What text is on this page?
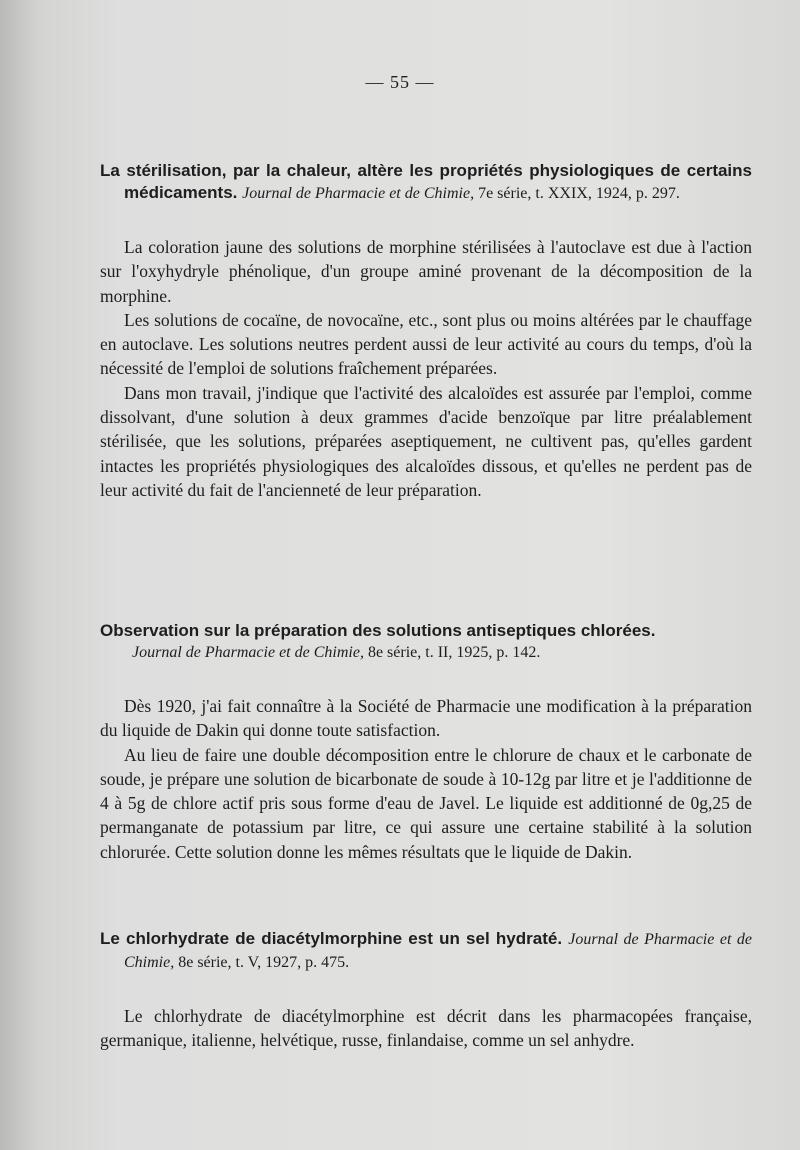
— 55 —

La stérilisation, par la chaleur, altère les propriétés physiologiques de certains médicaments. Journal de Pharmacie et de Chimie, 7e série, t. XXIX, 1924, p. 297.

La coloration jaune des solutions de morphine stérilisées à l'autoclave est due à l'action sur l'oxyhydryle phénolique, d'un groupe aminé provenant de la décomposition de la morphine.

Les solutions de cocaïne, de novocaïne, etc., sont plus ou moins altérées par le chauffage en autoclave. Les solutions neutres perdent aussi de leur activité au cours du temps, d'où la nécessité de l'emploi de solutions fraîchement préparées.

Dans mon travail, j'indique que l'activité des alcaloïdes est assurée par l'emploi, comme dissolvant, d'une solution à deux grammes d'acide benzoïque par litre préalablement stérilisée, que les solutions, préparées aseptiquement, ne cultivent pas, qu'elles gardent intactes les propriétés physiologiques des alcaloïdes dissous, et qu'elles ne perdent pas de leur activité du fait de l'ancienneté de leur préparation.

Observation sur la préparation des solutions antiseptiques chlorées.

Journal de Pharmacie et de Chimie, 8e série, t. II, 1925, p. 142.

Dès 1920, j'ai fait connaître à la Société de Pharmacie une modification à la préparation du liquide de Dakin qui donne toute satisfaction.

Au lieu de faire une double décomposition entre le chlorure de chaux et le carbonate de soude, je prépare une solution de bicarbonate de soude à 10-12g par litre et je l'additionne de 4 à 5g de chlore actif pris sous forme d'eau de Javel. Le liquide est additionné de 0g,25 de permanganate de potassium par litre, ce qui assure une certaine stabilité à la solution chlorurée. Cette solution donne les mêmes résultats que le liquide de Dakin.

Le chlorhydrate de diacétylmorphine est un sel hydraté. Journal de Pharmacie et de Chimie, 8e série, t. V, 1927, p. 475.

Le chlorhydrate de diacétylmorphine est décrit dans les pharmacopées française, germanique, italienne, helvétique, russe, finlandaise, comme un sel anhydre.
